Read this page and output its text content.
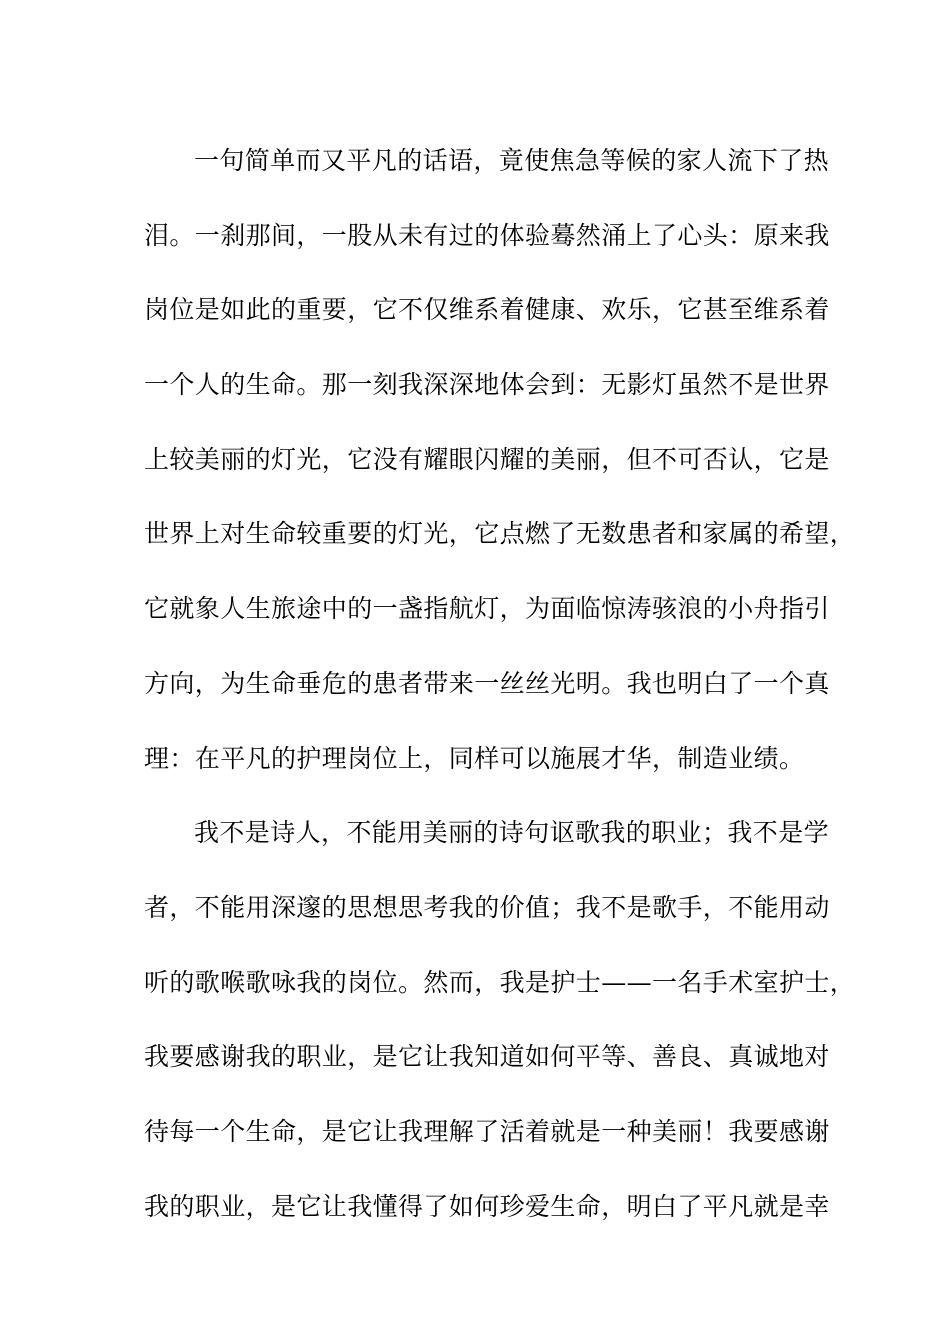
一句简单而又平凡的话语，竟使焦急等候的家人流下了热
泪。一刹那间，一股从未有过的体验蓦然涌上了心头：原来我
岗位是如此的重要，它不仅维系着健康、欢乐，它甚至维系着
一个人的生命。那一刻我深深地体会到：无影灯虽然不是世界
上较美丽的灯光，它没有耀眼闪耀的美丽，但不可否认，它是
世界上对生命较重要的灯光，它点燃了无数患者和家属的希望，
它就象人生旅途中的一盏指航灯，为面临惊涛骇浪的小舟指引
方向，为生命垂危的患者带来一丝丝光明。我也明白了一个真
理：在平凡的护理岗位上，同样可以施展才华，制造业绩。
我不是诗人，不能用美丽的诗句讴歌我的职业；我不是学
者，不能用深邃的思想思考我的价值；我不是歌手，不能用动
听的歌喉歌咏我的岗位。然而，我是护士——一名手术室护士，
我要感谢我的职业，是它让我知道如何平等、善良、真诚地对
待每一个生命，是它让我理解了活着就是一种美丽！我要感谢
我的职业，是它让我懂得了如何珍爱生命，明白了平凡就是幸
